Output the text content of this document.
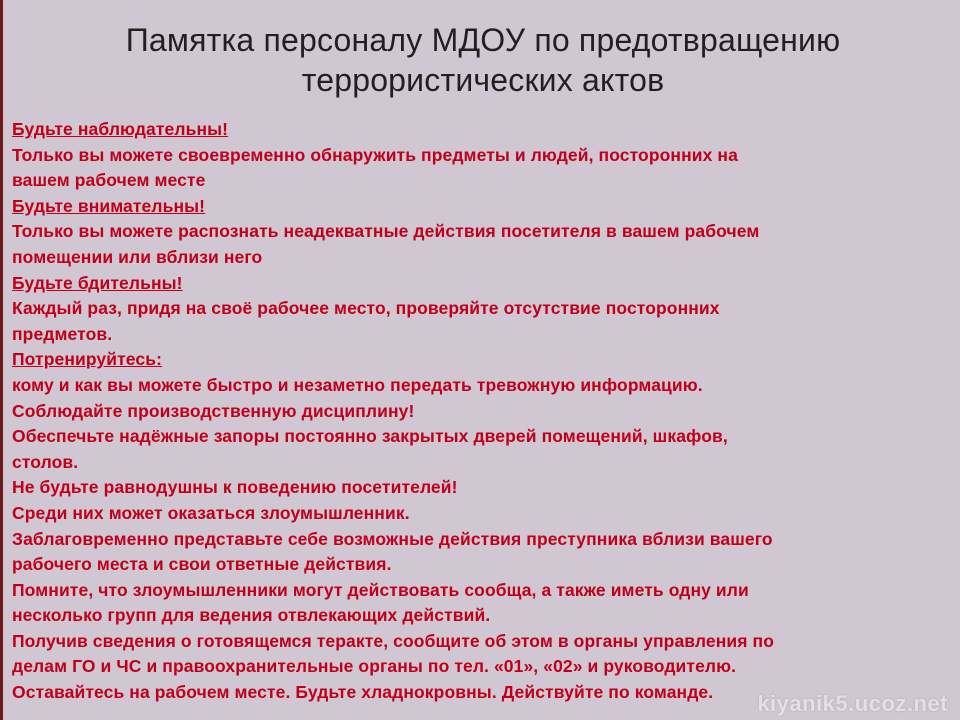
Памятка персоналу МДОУ по предотвращению
террористических актов
Будьте наблюдательны!
Только вы можете своевременно обнаружить предметы и людей, посторонних на
вашем рабочем месте
Будьте внимательны!
Только вы можете распознать неадекватные действия посетителя в вашем рабочем
помещении или вблизи него
Будьте бдительны!
Каждый раз, придя на своё рабочее место, проверяйте отсутствие посторонних
предметов.
Потренируйтесь:
кому и как вы можете быстро и незаметно передать тревожную информацию.
Соблюдайте производственную дисциплину!
Обеспечьте надёжные запоры постоянно закрытых дверей помещений, шкафов,
столов.
Не будьте равнодушны к поведению посетителей!
Среди них может оказаться злоумышленник.
Заблаговременно представьте себе возможные действия преступника вблизи вашего
рабочего места и свои ответные действия.
Помните, что злоумышленники могут действовать сообща, а также иметь одну или
несколько групп для ведения отвлекающих действий.
Получив сведения о готовящемся теракте, сообщите об этом в органы управления по
делам ГО и ЧС и правоохранительные органы по тел. «01», «02» и руководителю.
Оставайтесь на рабочем месте. Будьте хладнокровны. Действуйте по команде.	kiyanik5.ucoz.net
